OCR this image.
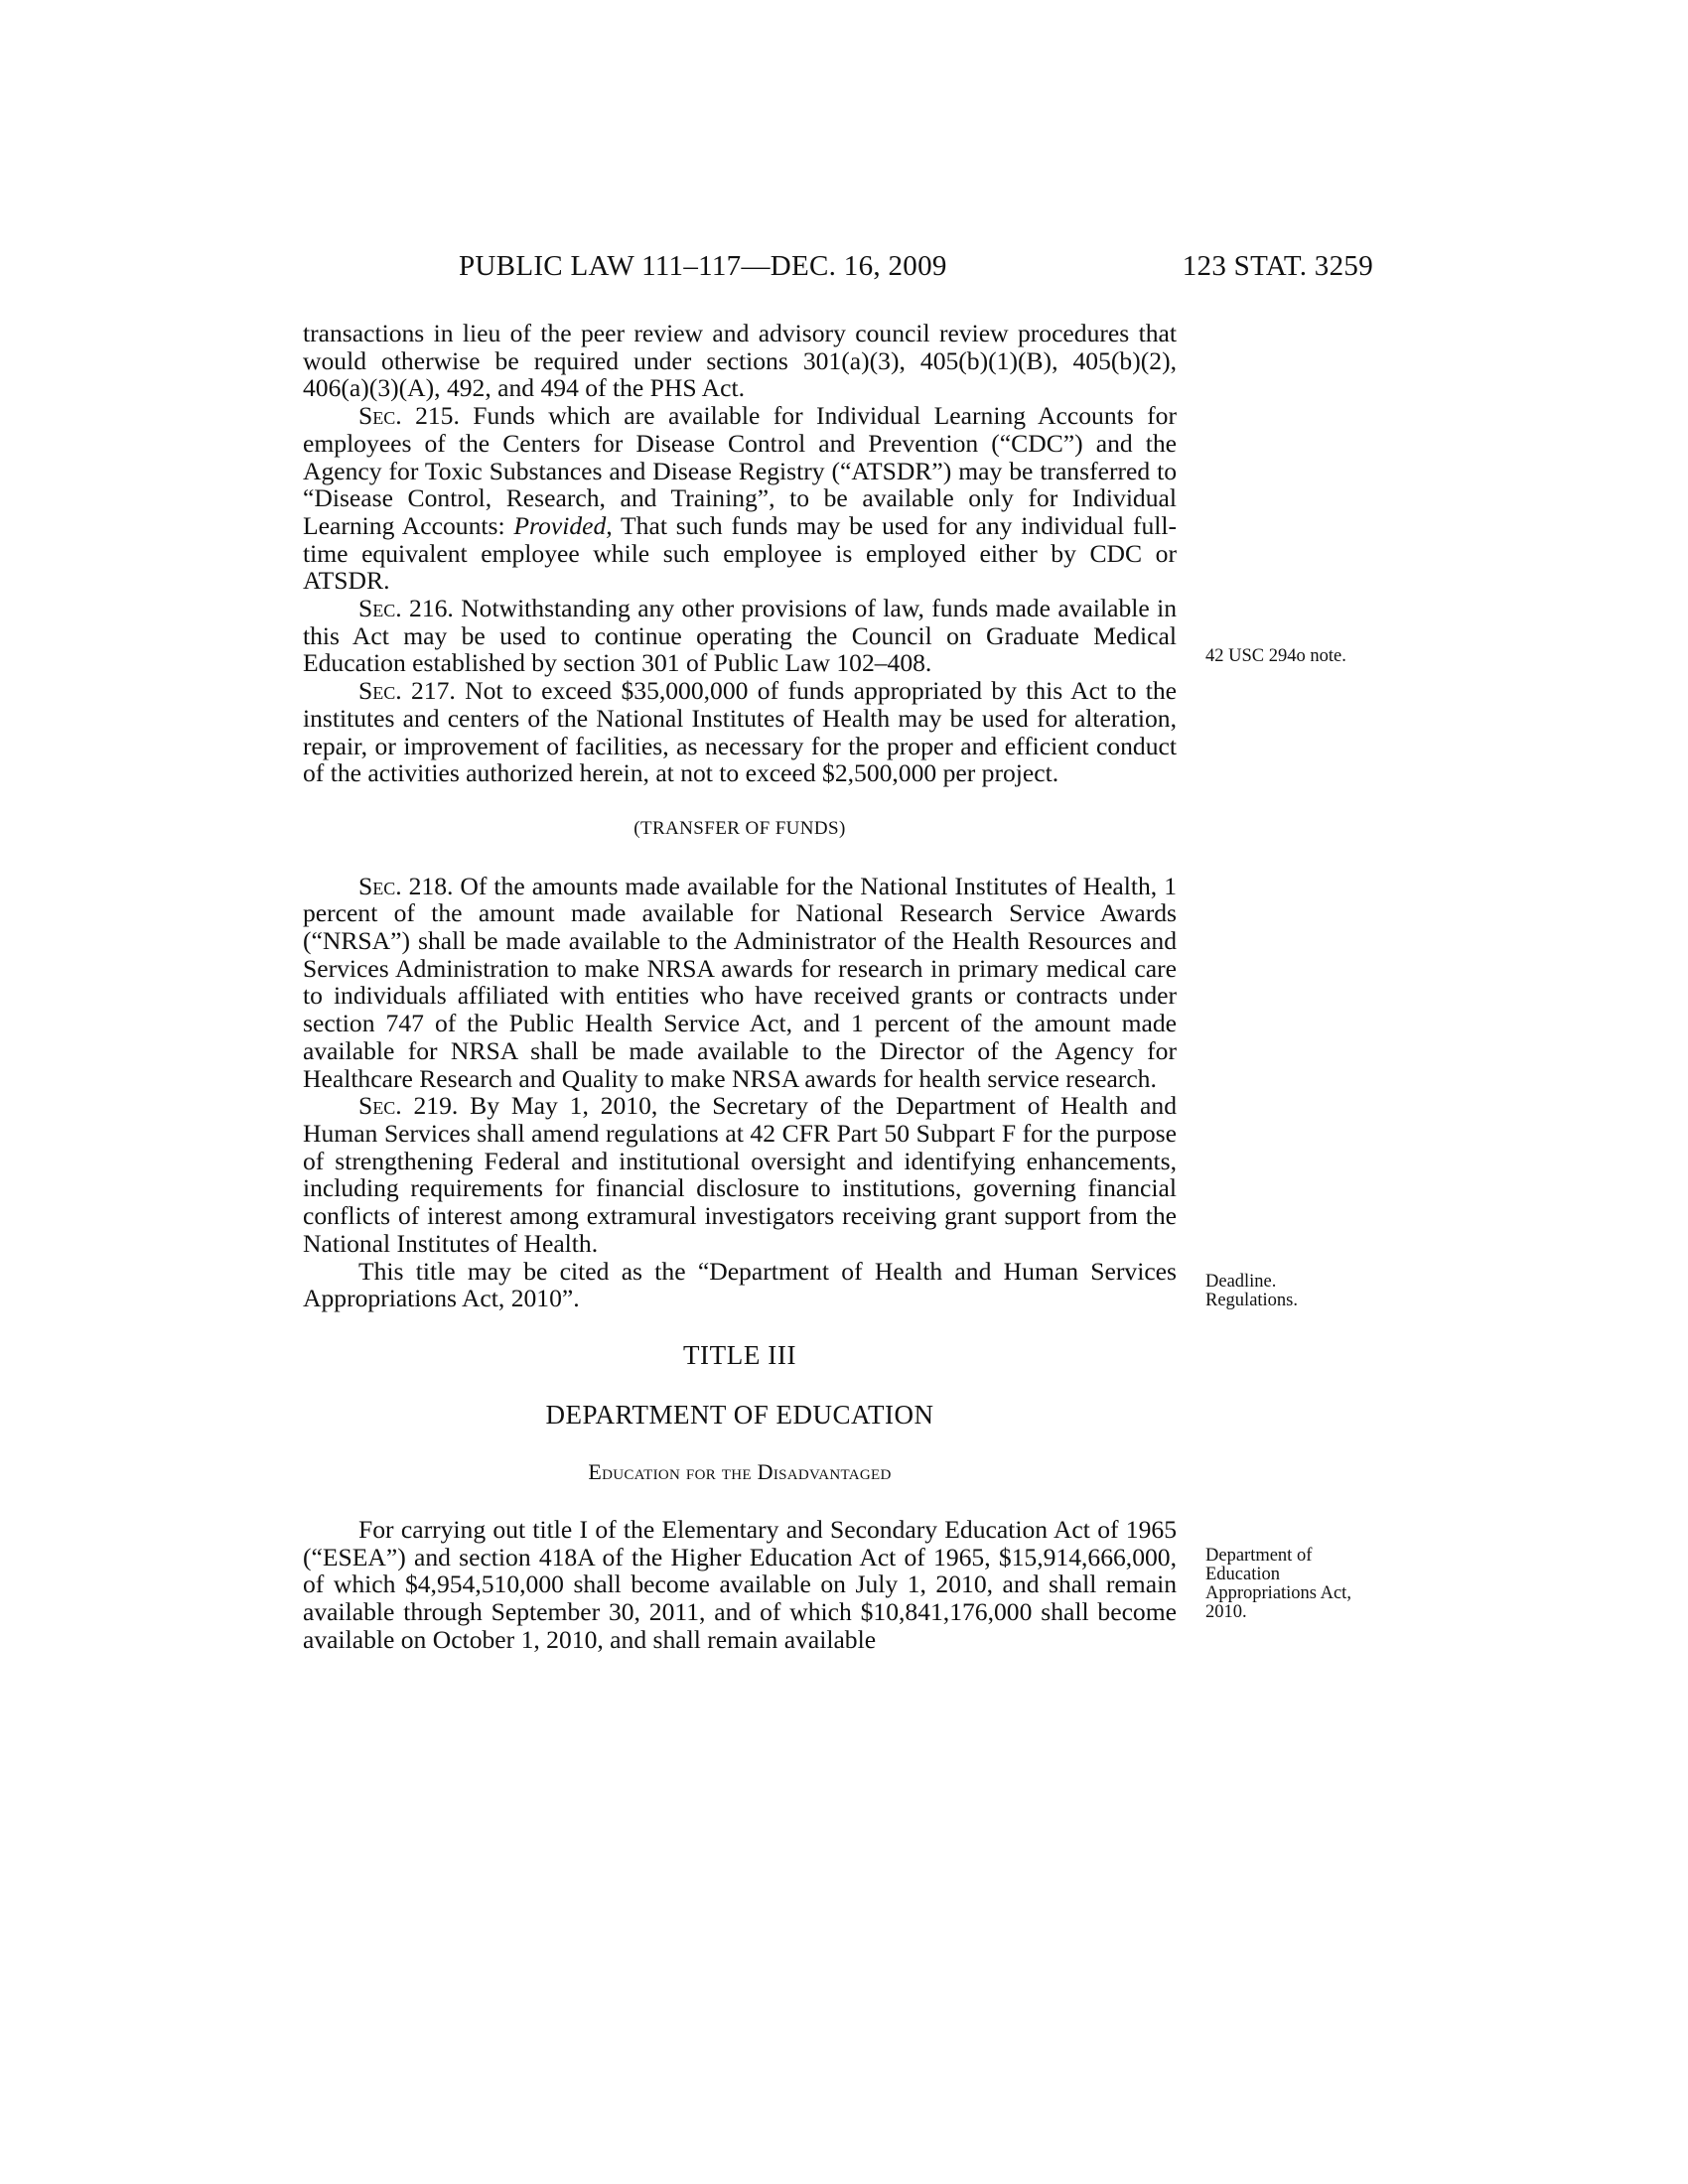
PUBLIC LAW 111–117—DEC. 16, 2009	123 STAT. 3259

transactions in lieu of the peer review and advisory council review procedures that would otherwise be required under sections 301(a)(3), 405(b)(1)(B), 405(b)(2), 406(a)(3)(A), 492, and 494 of the PHS Act.

Sec. 215. Funds which are available for Individual Learning Accounts for employees of the Centers for Disease Control and Prevention (“CDC”) and the Agency for Toxic Substances and Disease Registry (“ATSDR”) may be transferred to “Disease Control, Research, and Training”, to be available only for Individual Learning Accounts: Provided, That such funds may be used for any individual full-time equivalent employee while such employee is employed either by CDC or ATSDR.

Sec. 216. Notwithstanding any other provisions of law, funds made available in this Act may be used to continue operating the Council on Graduate Medical Education established by section 301 of Public Law 102–408.

Sec. 217. Not to exceed $35,000,000 of funds appropriated by this Act to the institutes and centers of the National Institutes of Health may be used for alteration, repair, or improvement of facilities, as necessary for the proper and efficient conduct of the activities authorized herein, at not to exceed $2,500,000 per project.

(TRANSFER OF FUNDS)

Sec. 218. Of the amounts made available for the National Institutes of Health, 1 percent of the amount made available for National Research Service Awards (“NRSA”) shall be made available to the Administrator of the Health Resources and Services Administration to make NRSA awards for research in primary medical care to individuals affiliated with entities who have received grants or contracts under section 747 of the Public Health Service Act, and 1 percent of the amount made available for NRSA shall be made available to the Director of the Agency for Healthcare Research and Quality to make NRSA awards for health service research.

Sec. 219. By May 1, 2010, the Secretary of the Department of Health and Human Services shall amend regulations at 42 CFR Part 50 Subpart F for the purpose of strengthening Federal and institutional oversight and identifying enhancements, including requirements for financial disclosure to institutions, governing financial conflicts of interest among extramural investigators receiving grant support from the National Institutes of Health.

This title may be cited as the “Department of Health and Human Services Appropriations Act, 2010”.

TITLE III

DEPARTMENT OF EDUCATION

Education for the Disadvantaged

For carrying out title I of the Elementary and Secondary Education Act of 1965 (“ESEA”) and section 418A of the Higher Education Act of 1965, $15,914,666,000, of which $4,954,510,000 shall become available on July 1, 2010, and shall remain available through September 30, 2011, and of which $10,841,176,000 shall become available on October 1, 2010, and shall remain available

42 USC 294o note.
Deadline. Regulations.
Department of Education Appropriations Act, 2010.
